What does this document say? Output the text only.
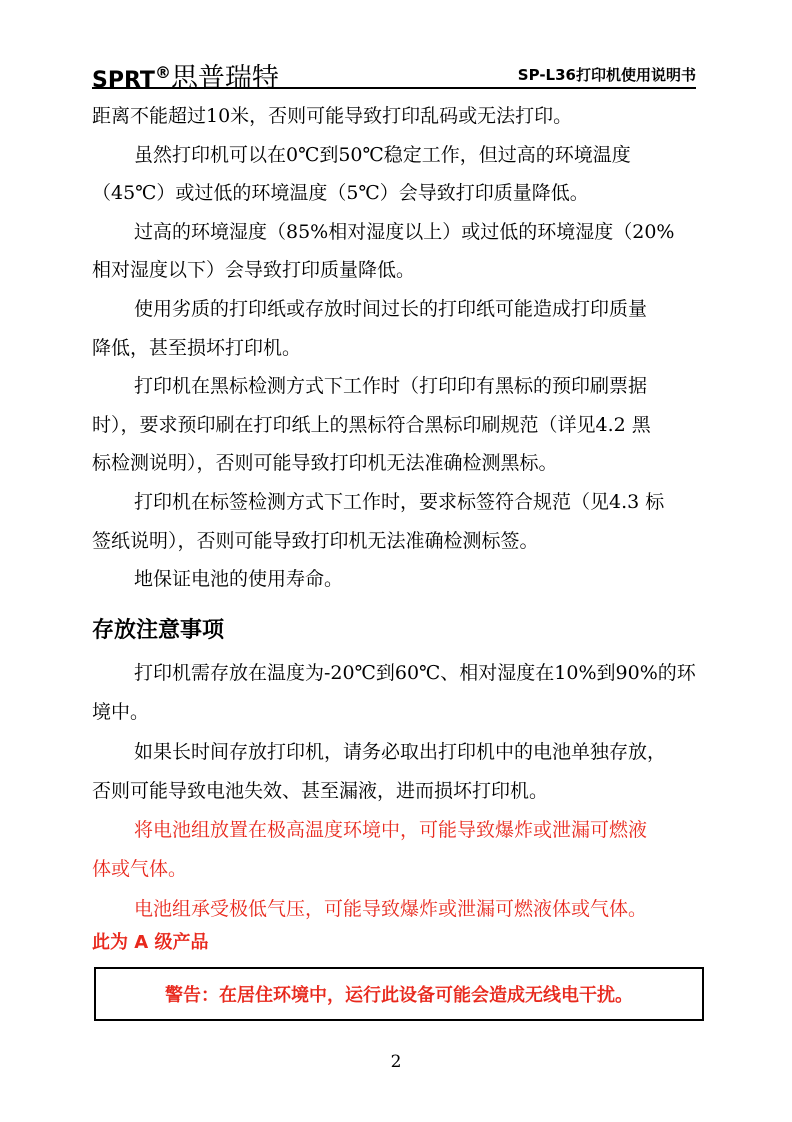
SPRT®思普瑞特	SP-L36打印机使用说明书
距离不能超过10米，否则可能导致打印乱码或无法打印。
虽然打印机可以在0℃到50℃稳定工作，但过高的环境温度
（45℃）或过低的环境温度（5℃）会导致打印质量降低。
过高的环境湿度（85%相对湿度以上）或过低的环境湿度（20%
相对湿度以下）会导致打印质量降低。
使用劣质的打印纸或存放时间过长的打印纸可能造成打印质量
降低，甚至损坏打印机。
打印机在黑标检测方式下工作时（打印印有黑标的预印刷票据
时），要求预印刷在打印纸上的黑标符合黑标印刷规范（详见4.2 黑
标检测说明），否则可能导致打印机无法准确检测黑标。
打印机在标签检测方式下工作时，要求标签符合规范（见4.3 标
签纸说明），否则可能导致打印机无法准确检测标签。
地保证电池的使用寿命。
存放注意事项
打印机需存放在温度为-20℃到60℃、相对湿度在10%到90%的环
境中。
如果长时间存放打印机，请务必取出打印机中的电池单独存放，
否则可能导致电池失效、甚至漏液，进而损坏打印机。
将电池组放置在极高温度环境中，可能导致爆炸或泄漏可燃液
体或气体。
电池组承受极低气压，可能导致爆炸或泄漏可燃液体或气体。
此为 A 级产品
警告：在居住环境中，运行此设备可能会造成无线电干扰。
2
